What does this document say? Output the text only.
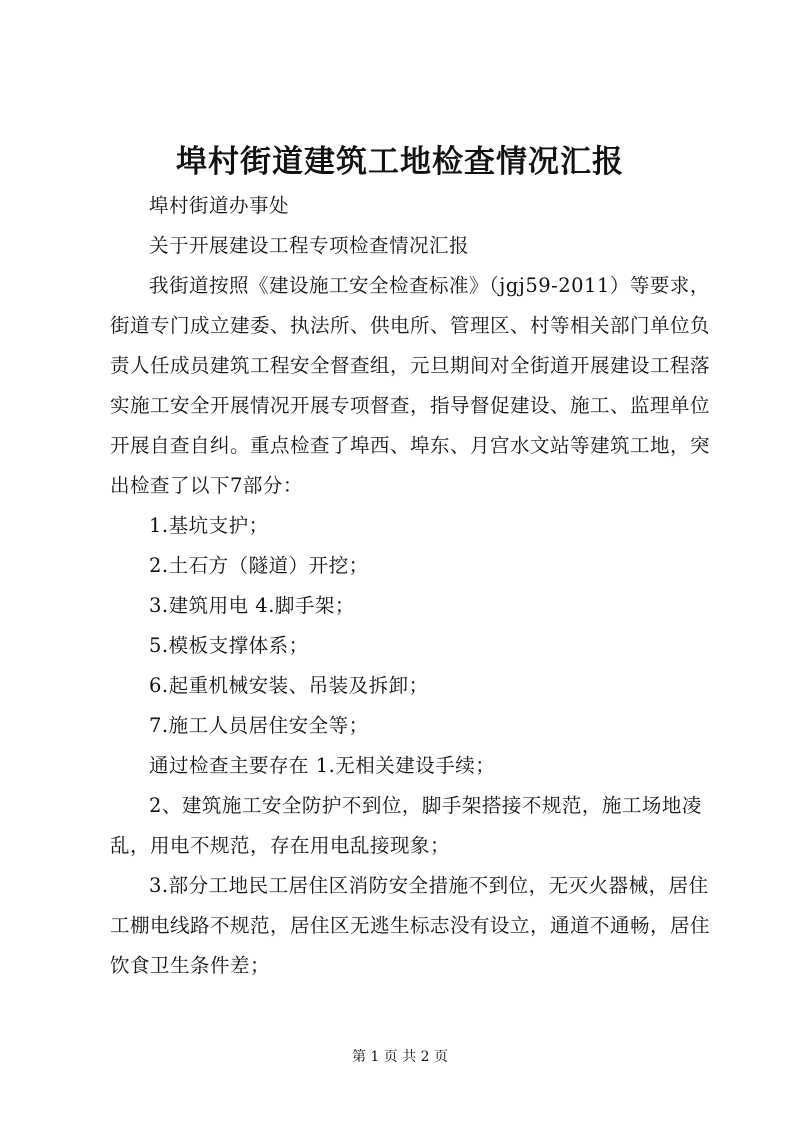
埠村街道建筑工地检查情况汇报

埠村街道办事处

关于开展建设工程专项检查情况汇报

我街道按照《建设施工安全检查标准》（jgj59-2011）等要求，街道专门成立建委、执法所、供电所、管理区、村等相关部门单位负责人任成员建筑工程安全督查组，元旦期间对全街道开展建设工程落实施工安全开展情况开展专项督查，指导督促建设、施工、监理单位开展自查自纠。重点检查了埠西、埠东、月宫水文站等建筑工地，突出检查了以下7部分：

1.基坑支护；

2.土石方（隧道）开挖；

3.建筑用电 4.脚手架；

5.模板支撑体系；

6.起重机械安装、吊装及拆卸；

7.施工人员居住安全等；

通过检查主要存在 1.无相关建设手续；

2、建筑施工安全防护不到位，脚手架搭接不规范，施工场地凌乱，用电不规范，存在用电乱接现象；

3.部分工地民工居住区消防安全措施不到位，无灭火器械，居住工棚电线路不规范，居住区无逃生标志没有设立，通道不通畅，居住饮食卫生条件差；

第 1 页 共 2 页
